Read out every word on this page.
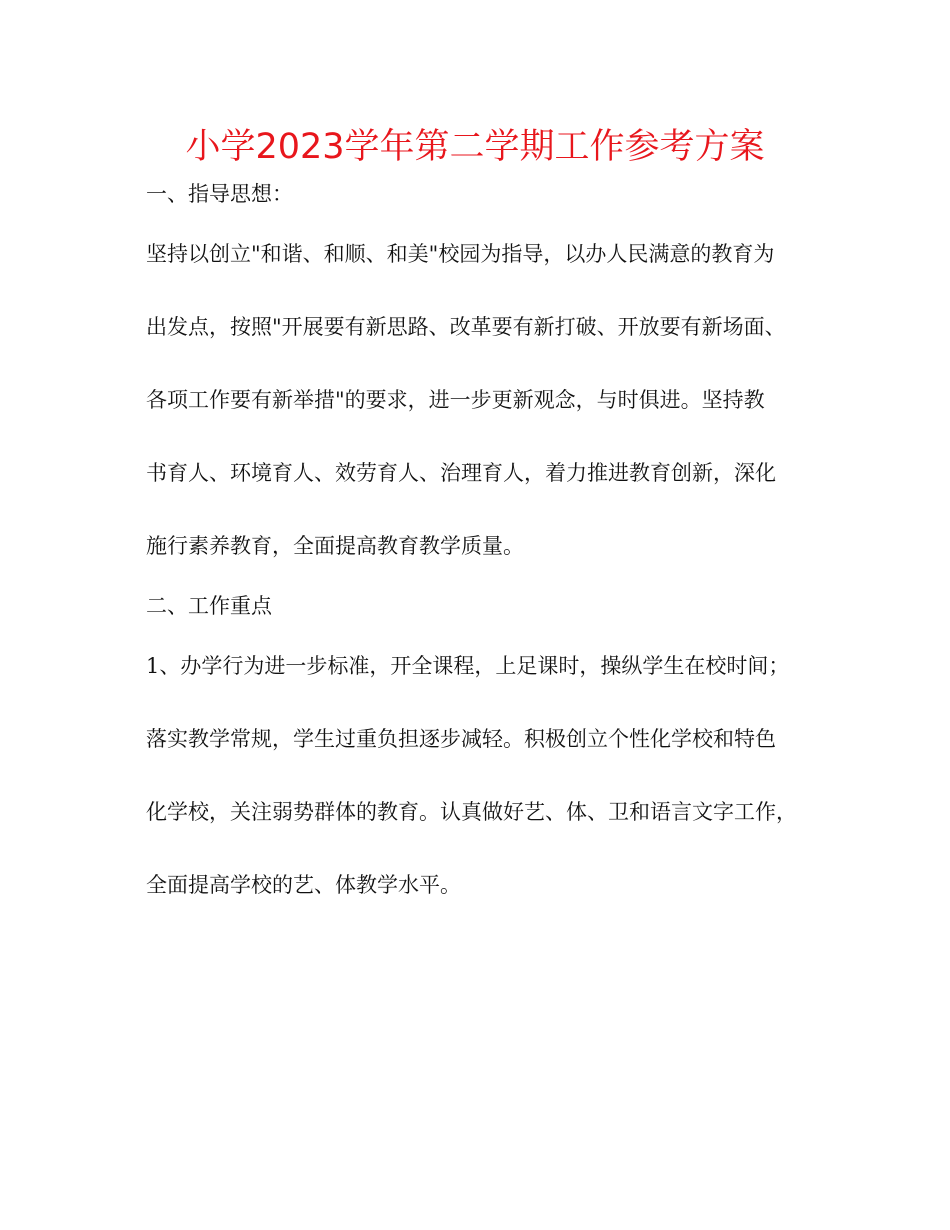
小学2023学年第二学期工作参考方案

一、指导思想：

坚持以创立"和谐、和顺、和美"校园为指导，以办人民满意的教育为

出发点，按照"开展要有新思路、改革要有新打破、开放要有新场面、

各项工作要有新举措"的要求，进一步更新观念，与时俱进。坚持教

书育人、环境育人、效劳育人、治理育人，着力推进教育创新，深化

施行素养教育，全面提高教育教学质量。

二、工作重点

1、办学行为进一步标准，开全课程，上足课时，操纵学生在校时间；

落实教学常规，学生过重负担逐步减轻。积极创立个性化学校和特色

化学校，关注弱势群体的教育。认真做好艺、体、卫和语言文字工作，

全面提高学校的艺、体教学水平。
